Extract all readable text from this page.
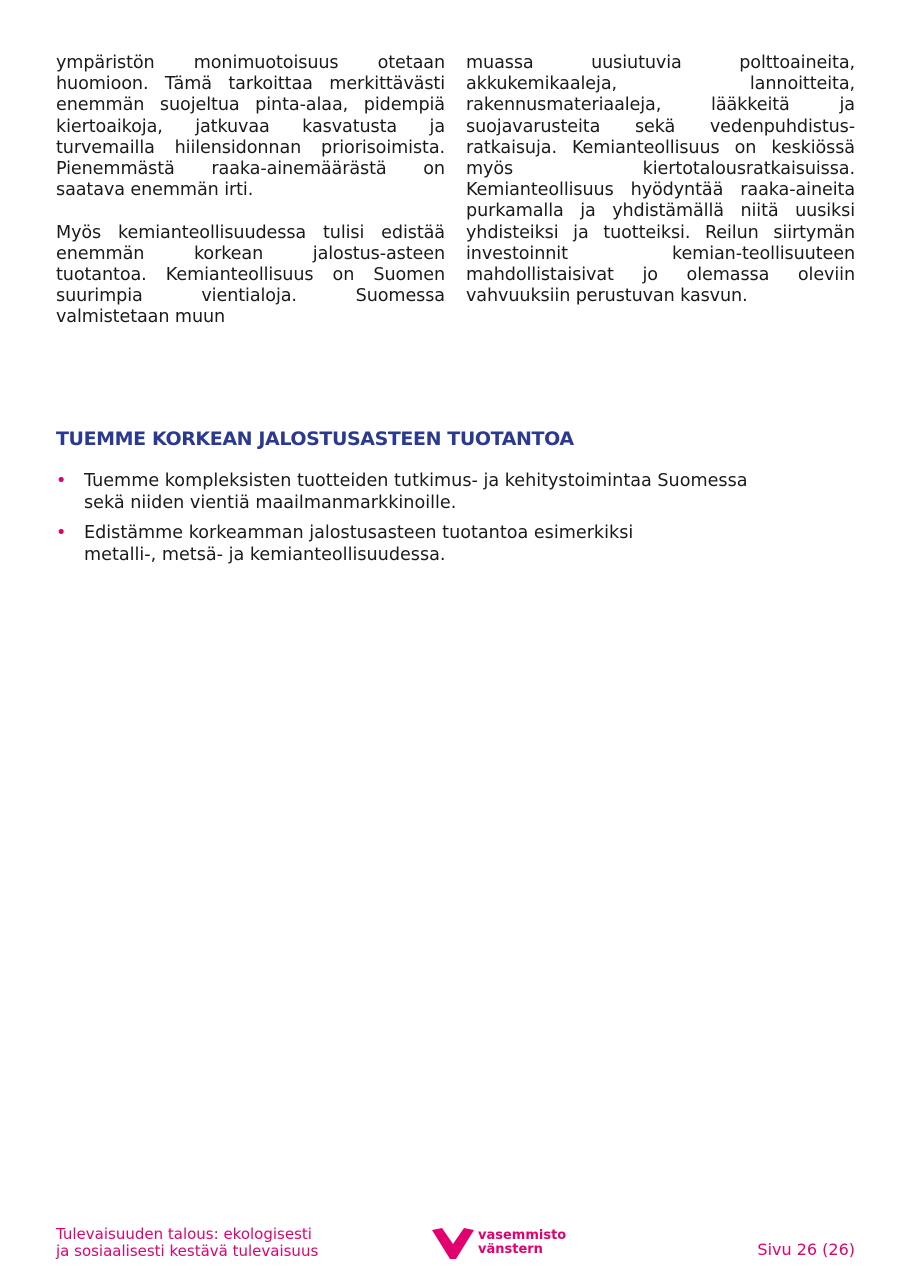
ympäristön monimuotoisuus otetaan huomioon. Tämä tarkoittaa merkittävästi enemmän suojeltua pinta-alaa, pidempiä kiertoaikoja, jatkuvaa kasvatusta ja turvemailla hiilensidonnan priorisoimista. Pienemmästä raaka-ainemäärästä on saatava enemmän irti.

Myös kemianteollisuudessa tulisi edistää enemmän korkean jalostus-asteen tuotantoa. Kemianteollisuus on Suomen suurimpia vientialoja. Suomessa valmistetaan muun

muassa uusiutuvia polttoaineita, akkukemikaaleja, lannoitteita, rakennusmateriaaleja, lääkkeitä ja suojavarusteita sekä vedenpuhdistus-ratkaisuja. Kemianteollisuus on keskiössä myös kiertotalousratkaisuissa. Kemianteollisuus hyödyntää raaka-aineita purkamalla ja yhdistämällä niitä uusiksi yhdisteiksi ja tuotteiksi. Reilun siirtymän investoinnit kemian-teollisuuteen mahdollistaisivat jo olemassa oleviin vahvuuksiin perustuvan kasvun.

TUEMME KORKEAN JALOSTUSASTEEN TUOTANTOA
• Tuemme kompleksisten tuotteiden tutkimus- ja kehitystoimintaa Suomessa
sekä niiden vientiä maailmanmarkkinoille.
• Edistämme korkeamman jalostusasteen tuotantoa esimerkiksi
metalli-, metsä- ja kemianteollisuudessa.
Tulevaisuuden talous: ekologisesti
ja sosiaalisesti kestävä tulevaisuus
vasemmisto
vänstern	Sivu 26 (26)
